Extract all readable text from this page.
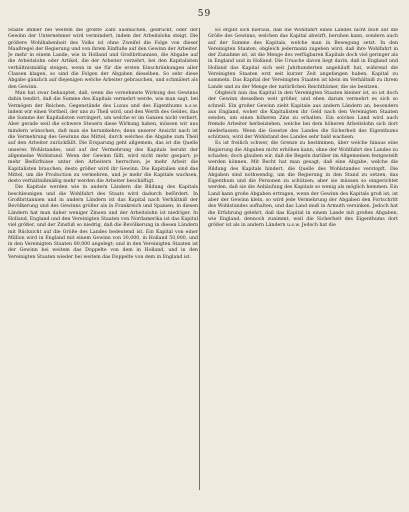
59

Staate immer bei weitem die größte Zahl ausmachen, gedrückt, oder der Gewinn der Unternehmer wird vermindert, indem der Arbeitslohn steigt. Die größere Wohlhabenheit des Volks ist ohne Zweifel die Folge von dieser Maaßregel der Regierung und von ihrem Einfluße auf den Gewinn der Arbeiter. Je mehr in einem Lande, wie in Holland und Großbritannien, die Abgabe auf die Arbeitslohn oder Artikel, die der Arbeiter verzehrt, bei den Kapitalisten verhältnismäßig steigen, wenn in sie für die ersten Einschränkungen aller Classen klagen, so sind die Folgen der Abgaben dieselben. So sehr diese Abgabe gänzlich auf diejenigen welche Arbeiter gebrauchen, und schmälert als den Gewinn.

Man hat zwar behauptet, daß, wenn die vornehmste Wirkung des Gewinns dahin tendirt, daß die Summe des Kapitals vermehrt werde, wie man sagt, bei Vermögen der Reichen, Gegenstände des Luxus und des Eigenthums u.s.w. indem wir einen Vortheil, der uns zu Theil wird, und den Werth des Geldes, das die Summe der Kapitalisten verringert, um welche er im Ganzen nicht verliert. Aber gerade weil die schwere Steuern diese Wirkung haben, müssen wir uns mindern wünschen, daß man sie herumkehre; denn unserer Ansicht nach ist die Vermehrung des Gewinns das Mittel, durch welches die Abgabe zum Theil auf den Arbeiter zurückfällt. Die Ersparung geht allgemein, das ist die Quelle unseres Wohlstandes, und auf der Vermehrung des Kapitals beruht der allgemeine Wohlstand. Wenn der Gewinn fällt, wird nicht mehr gespart; je mehr Bedürfnisse unter den Arbeitern herrschen, je mehr Arbeit die Kapitalisten brauchen, desto größer wird ihr Gewinn. Die Kapitalien sind das Mittel, um die Production zu vermehren, und je mehr die Kapitale wachsen, desto verhältnißmäßig mehr werden die Arbeiter beschäftigt.

Die Kapitale werden wie in andern Ländern die Bildung des Kapitals beschleunigen und die Wohlfahrt des Staats wird dadurch befördert. In Großbritannien und in andern Ländern ist das Kapital nach Verhältniß der Bevölkerung und des Gewinns größer als in Frankreich und Spanien; in diesen Ländern hat man daher weniger Zinsen und der Arbeitslohn ist niedriger. In Holland, England und den Vereinigten Staaten von Nordamerika ist das Kapital viel größer, und der Zinsfuß so niedrig, daß die Bevölkerung in diesen Ländern mit Rücksicht auf die Größe des Landes bedeutend ist. Ein Kapital von einer Million wird in England mit einem Gewinn von 30,000, in Holland 50,000, und in den Vereinigten Staaten 80,000 angelegt; und in den Vereinigten Staaten ist der Gewinn bei weitem das Doppelte von dem in Holland, und in den Vereinigten Staaten wieder bei weitem das Doppelte von dem in England ist.

Es ergibt sich hieraus, daß die Wohlfahrt eines Landes nicht bloß auf die Größe des Gewinns, welchen das Kapital abwirft, beruhen kann, sondern auch auf der Summe des Kapitals, welche man in Bewegung setzt. In den Vereinigten Staaten, obgleich jedermann zugeben wird, daß ihre Wohlfahrt in der Zunahme ist, ist die Menge des verfügbaren Kapitals doch viel geringer als in England und in Holland. Die Ursache davon liegt darin, daß in England und Holland das Kapital sich seit Jahrhunderten angehäuft hat, während die Vereinigten Staaten erst seit kurzer Zeit angefangen haben, Kapital zu sammeln. Das Kapital der Vereinigten Staaten ist klein im Verhältniß zu ihrem Lande und zu der Menge der natürlichen Reichthümer, die sie besitzen.

Obgleich nun das Kapital in den Vereinigten Staaten kleiner ist, so ist doch der Gewinn desselben weit größer, und eben darum vermehrt es sich so schnell. Ein großer Gewinn zieht Kapitale aus andern Ländern an, besonders aus England, woher die Kapitalisten ihr Geld nach den Vereinigten Staaten senden, um einen höheren Zins zu erhalten. Ein solches Land wird auch fremde Arbeiter herbeiziehen, welche bei dem höheren Arbeitslohn sich dort niederlassen. Wenn die Gesetze des Landes die Sicherheit des Eigenthums schützen, wird der Wohlstand des Landes sehr bald wachsen.

Es ist freilich schwer, die Grenze zu bestimmen, über welche hinaus eine Regierung die Abgaben nicht erhöhen kann, ohne der Wohlfahrt des Landes zu schaden; doch glauben wir, daß die Regeln darüber im Allgemeinen festgestellt werden können. Mit Recht hat man gesagt, daß eine Abgabe, welche die Bildung des Kapitals hindert, die Quelle des Wohlstandes verstopft. Die Abgaben sind nothwendig, um die Regierung in den Stand zu setzen, das Eigenthum und die Personen zu schützen; aber sie müssen so eingerichtet werden, daß sie die Anhäufung des Kapitals so wenig als möglich hemmen. Ein Land kann große Abgaben ertragen, wenn der Gewinn des Kapitals groß ist; ist aber der Gewinn klein, so wird jede Vermehrung der Abgaben den Fortschritt des Wohlstandes aufhalten, und das Land muß in Armuth versinken. Jedoch hat die Erfahrung gelehrt, daß das Kapital in einem Lande mit großen Abgaben, wie England, dennoch zunimmt, weil die Sicherheit des Eigenthums dort größer ist als in andern Ländern u.s.w. Jedoch hat die
